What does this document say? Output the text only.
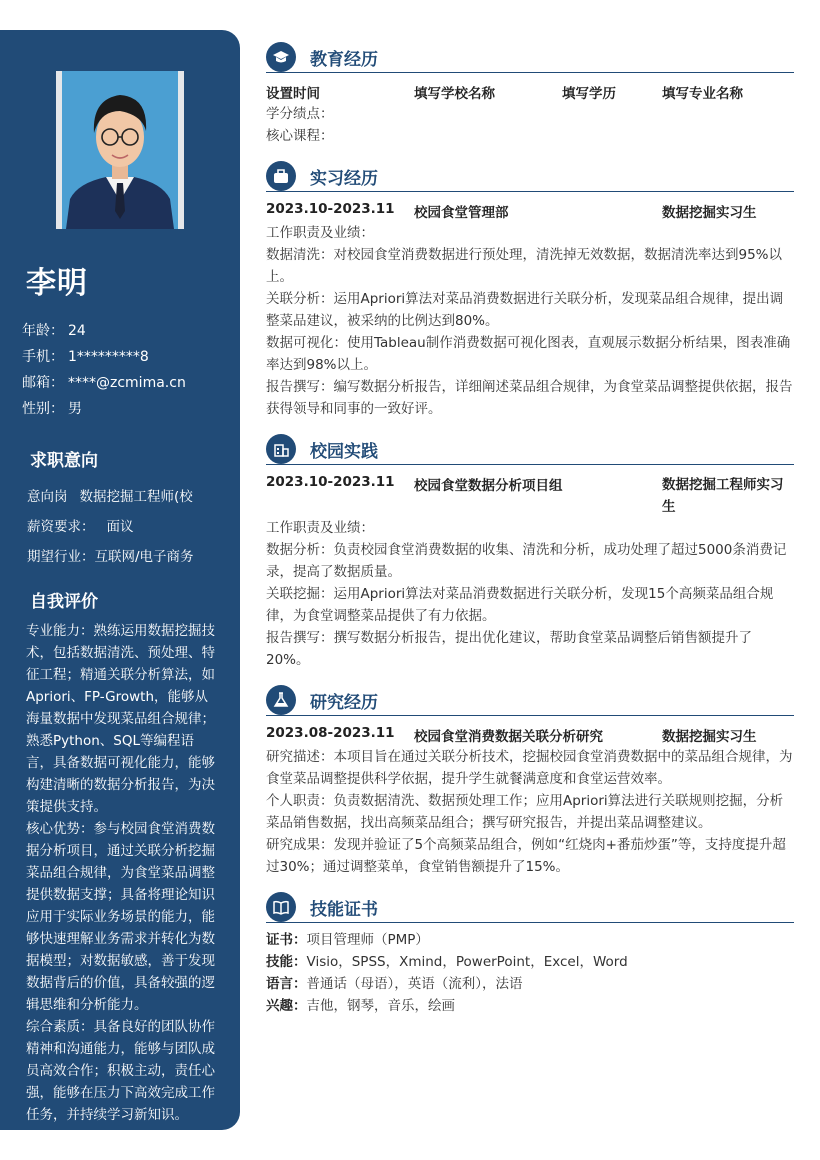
李明
年龄： 24
手机： 1*********8
邮箱： ****@zcmima.cn
性别： 男
求职意向
意向岗 数据挖掘工程师(校
薪资要求： 面议
期望行业：互联网/电子商务
自我评价

专业能力：熟练运用数据挖掘技术，包括数据清洗、预处理、特征工程；精通关联分析算法，如Apriori、FP-Growth，能够从海量数据中发现菜品组合规律；熟悉Python、SQL等编程语言，具备数据可视化能力，能够构建清晰的数据分析报告，为决策提供支持。

核心优势：参与校园食堂消费数据分析项目，通过关联分析挖掘菜品组合规律，为食堂菜品调整提供数据支撑；具备将理论知识应用于实际业务场景的能力，能够快速理解业务需求并转化为数据模型；对数据敏感，善于发现数据背后的价值，具备较强的逻辑思维和分析能力。

综合素质：具备良好的团队协作精神和沟通能力，能够与团队成员高效合作；积极主动，责任心强，能够在压力下高效完成工作任务，并持续学习新知识。

教育经历
设置时间	填写学校名称	填写学历	填写专业名称

学分绩点：

核心课程：

实习经历
2023.10-2023.11 校园食堂管理部	数据挖掘实习生

工作职责及业绩：

数据清洗：对校园食堂消费数据进行预处理，清洗掉无效数据，数据清洗率达到95%以上。

关联分析：运用Apriori算法对菜品消费数据进行关联分析，发现菜品组合规律，提出调整菜品建议，被采纳的比例达到80%。

数据可视化：使用Tableau制作消费数据可视化图表，直观展示数据分析结果，图表准确率达到98%以上。

报告撰写：编写数据分析报告，详细阐述菜品组合规律，为食堂菜品调整提供依据，报告获得领导和同事的一致好评。

校园实践
2023.10-2023.11 校园食堂数据分析项目组	数据挖掘工程师实习生

工作职责及业绩：

数据分析：负责校园食堂消费数据的收集、清洗和分析，成功处理了超过5000条消费记录，提高了数据质量。

关联挖掘：运用Apriori算法对菜品消费数据进行关联分析，发现15个高频菜品组合规律，为食堂调整菜品提供了有力依据。

报告撰写：撰写数据分析报告，提出优化建议，帮助食堂菜品调整后销售额提升了20%。

研究经历
2023.08-2023.11 校园食堂消费数据关联分析研究	数据挖掘实习生

研究描述：本项目旨在通过关联分析技术，挖掘校园食堂消费数据中的菜品组合规律，为食堂菜品调整提供科学依据，提升学生就餐满意度和食堂运营效率。

个人职责：负责数据清洗、数据预处理工作；应用Apriori算法进行关联规则挖掘，分析菜品销售数据，找出高频菜品组合；撰写研究报告，并提出菜品调整建议。

研究成果：发现并验证了5个高频菜品组合，例如“红烧肉+番茄炒蛋”等，支持度提升超过30%；通过调整菜单，食堂销售额提升了15%。

技能证书

证书：项目管理师（PMP）

技能：Visio，SPSS，Xmind，PowerPoint，Excel，Word

语言：普通话（母语），英语（流利），法语

兴趣：吉他，钢琴，音乐，绘画
